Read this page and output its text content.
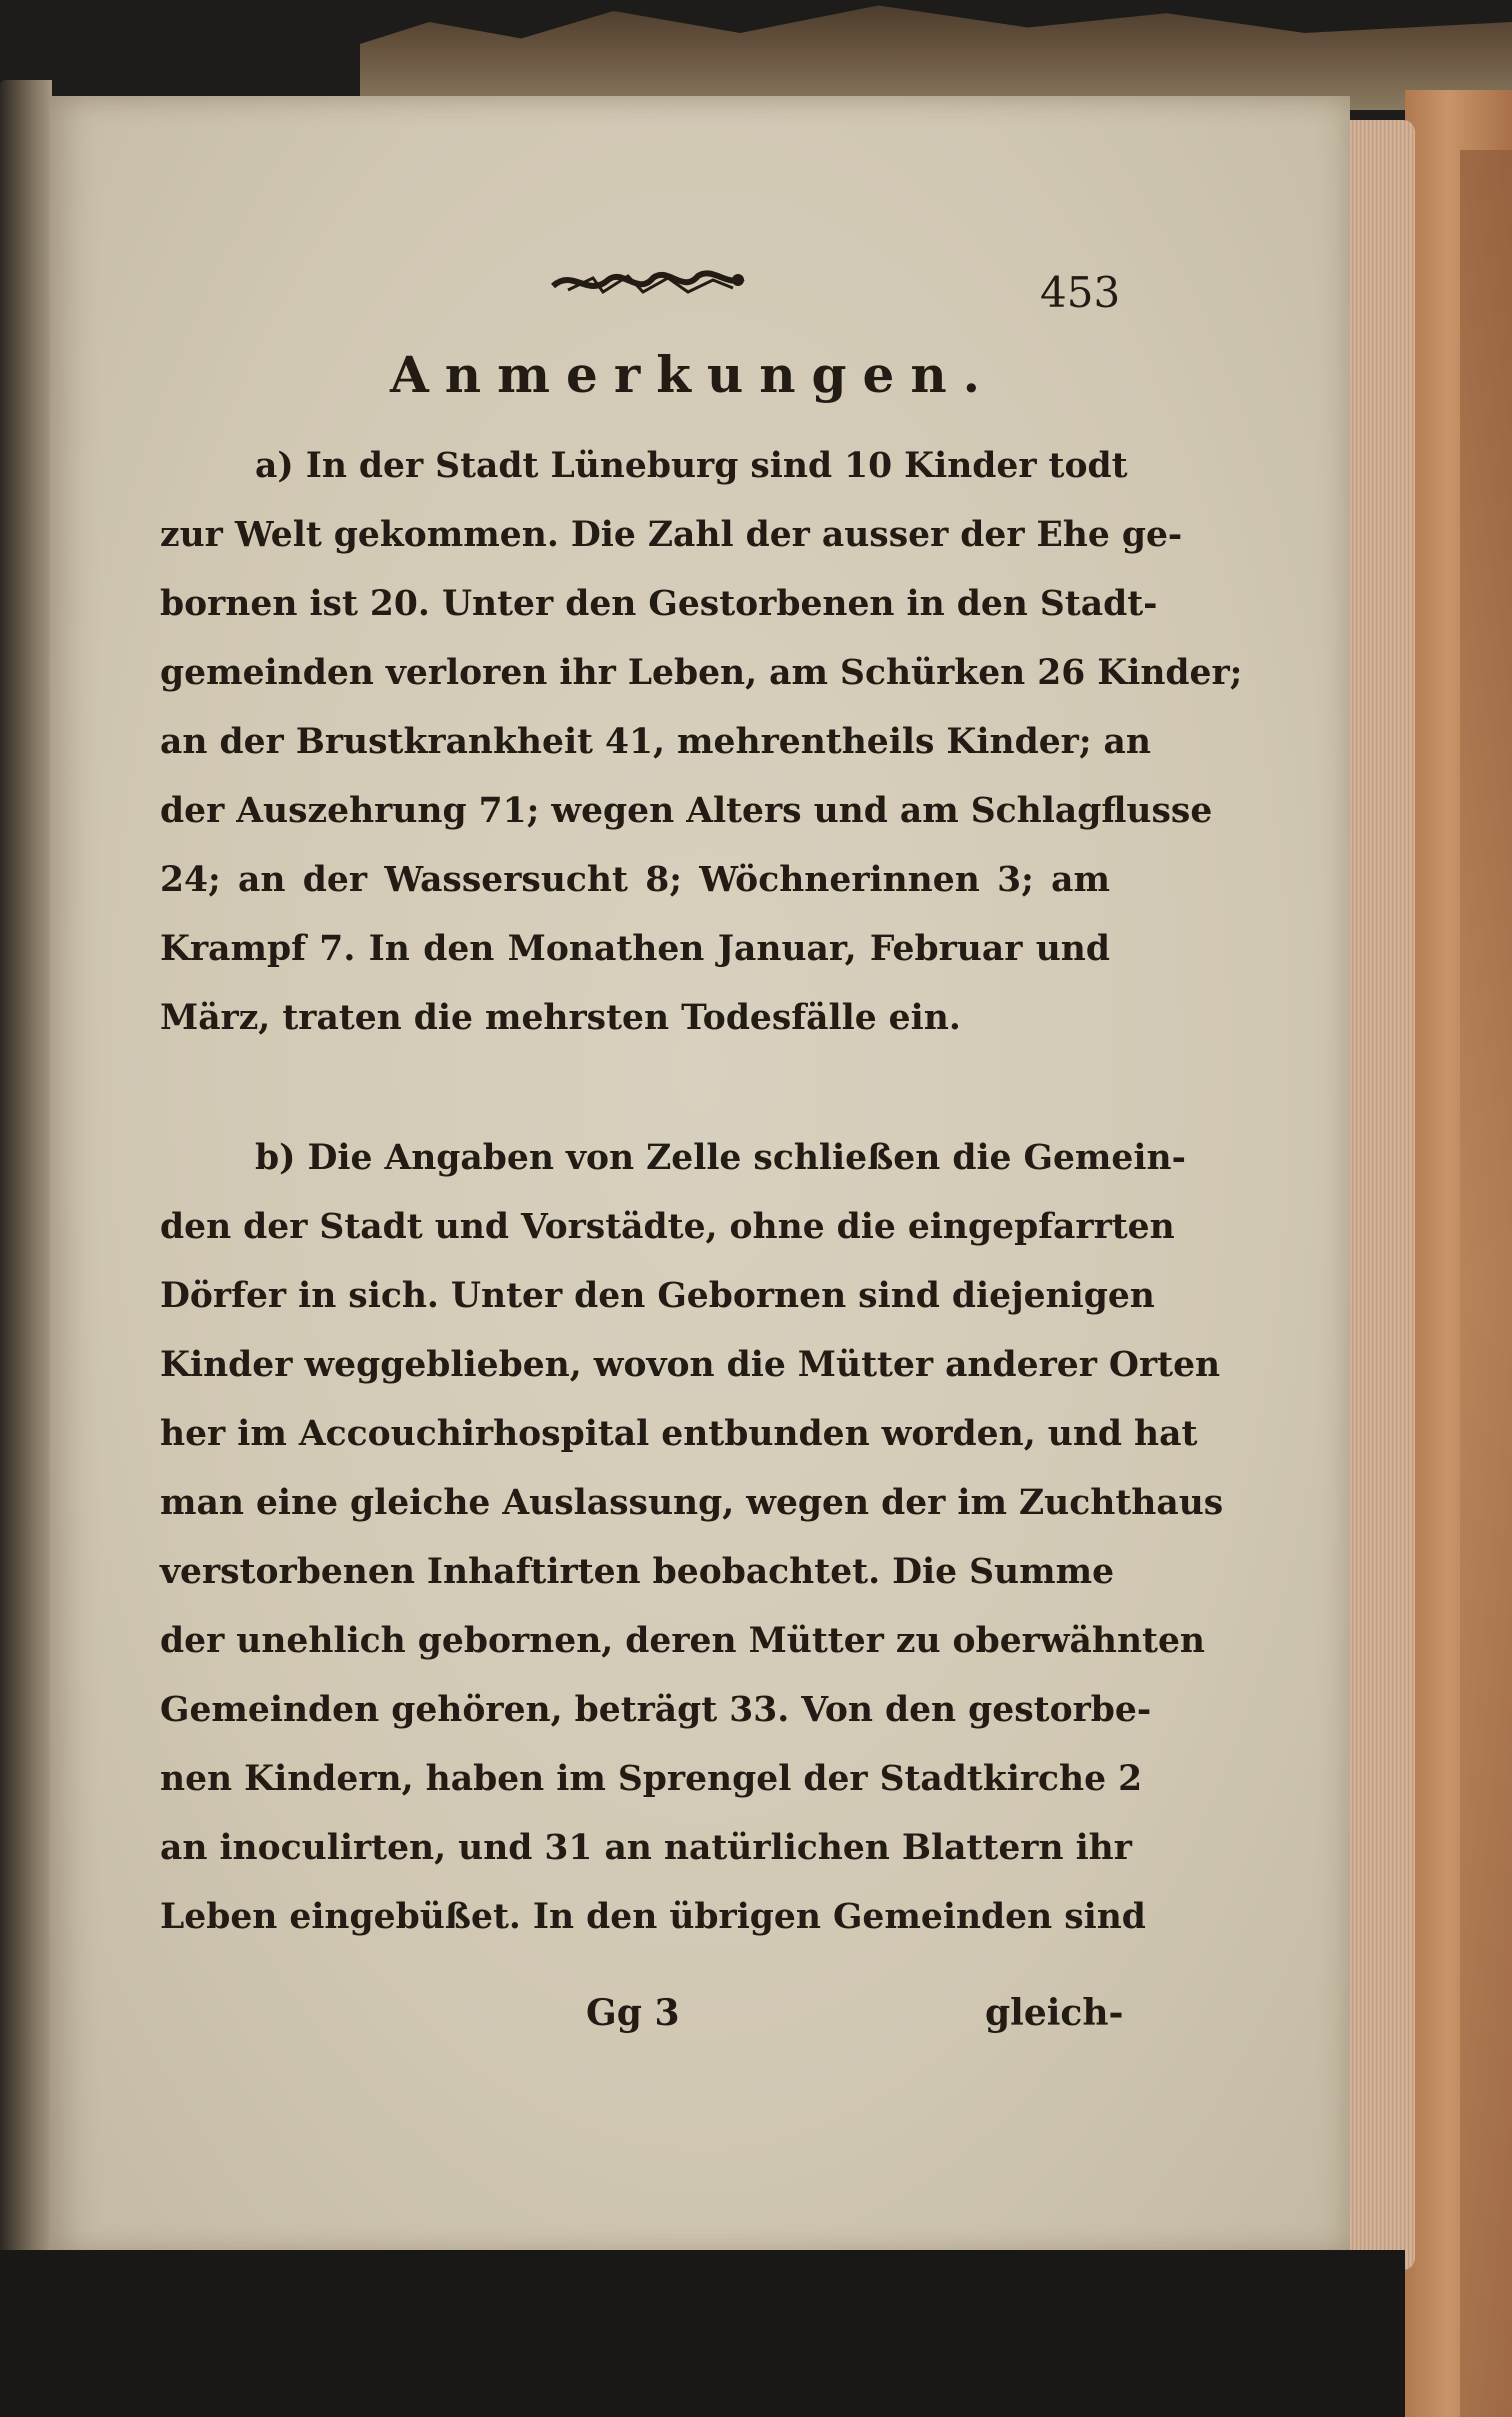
453
Anmerkungen.
a) In der Stadt Lüneburg sind 10 Kinder todt
zur Welt gekommen. Die Zahl der ausser der Ehe ge-
bornen ist 20. Unter den Gestorbenen in den Stadt-
gemeinden verloren ihr Leben, am Schürken 26 Kinder;
an der Brustkrankheit 41, mehrentheils Kinder; an
der Auszehrung 71; wegen Alters und am Schlagflusse
24; an der Wassersucht 8; Wöchnerinnen 3; am
Krampf 7. In den Monathen Januar, Februar und
März, traten die mehrsten Todesfälle ein.
b) Die Angaben von Zelle schließen die Gemein-
den der Stadt und Vorstädte, ohne die eingepfarrten
Dörfer in sich. Unter den Gebornen sind diejenigen
Kinder weggeblieben, wovon die Mütter anderer Orten
her im Accouchirhospital entbunden worden, und hat
man eine gleiche Auslassung, wegen der im Zuchthaus
verstorbenen Inhaftirten beobachtet. Die Summe
der unehlich gebornen, deren Mütter zu oberwähnten
Gemeinden gehören, beträgt 33. Von den gestorbe-
nen Kindern, haben im Sprengel der Stadtkirche 2
an inoculirten, und 31 an natürlichen Blattern ihr
Leben eingebüßet. In den übrigen Gemeinden sind
Gg 3	gleich-
